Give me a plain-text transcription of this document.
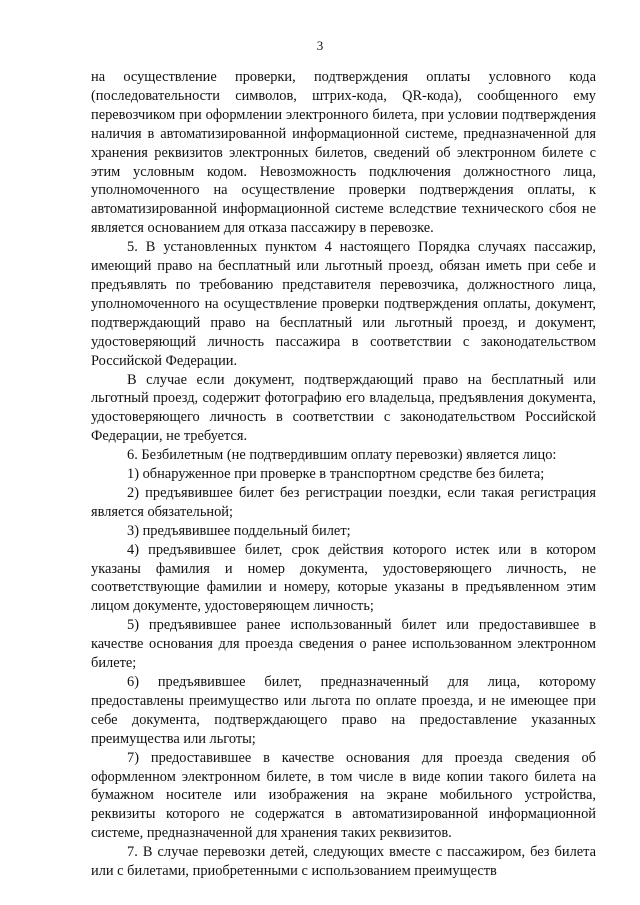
3

на осуществление проверки, подтверждения оплаты условного кода (последовательности символов, штрих-кода, QR-кода), сообщенного ему перевозчиком при оформлении электронного билета, при условии подтверждения наличия в автоматизированной информационной системе, предназначенной для хранения реквизитов электронных билетов, сведений об электронном билете с этим условным кодом. Невозможность подключения должностного лица, уполномоченного на осуществление проверки подтверждения оплаты, к автоматизированной информационной системе вследствие технического сбоя не является основанием для отказа пассажиру в перевозке.

5. В установленных пунктом 4 настоящего Порядка случаях пассажир, имеющий право на бесплатный или льготный проезд, обязан иметь при себе и предъявлять по требованию представителя перевозчика, должностного лица, уполномоченного на осуществление проверки подтверждения оплаты, документ, подтверждающий право на бесплатный или льготный проезд, и документ, удостоверяющий личность пассажира в соответствии с законодательством Российской Федерации.

В случае если документ, подтверждающий право на бесплатный или льготный проезд, содержит фотографию его владельца, предъявления документа, удостоверяющего личность в соответствии с законодательством Российской Федерации, не требуется.

6. Безбилетным (не подтвердившим оплату перевозки) является лицо:

1) обнаруженное при проверке в транспортном средстве без билета;

2) предъявившее билет без регистрации поездки, если такая регистрация является обязательной;

3) предъявившее поддельный билет;

4) предъявившее билет, срок действия которого истек или в котором указаны фамилия и номер документа, удостоверяющего личность, не соответствующие фамилии и номеру, которые указаны в предъявленном этим лицом документе, удостоверяющем личность;

5) предъявившее ранее использованный билет или предоставившее в качестве основания для проезда сведения о ранее использованном электронном билете;

6) предъявившее билет, предназначенный для лица, которому предоставлены преимущество или льгота по оплате проезда, и не имеющее при себе документа, подтверждающего право на предоставление указанных преимущества или льготы;

7) предоставившее в качестве основания для проезда сведения об оформленном электронном билете, в том числе в виде копии такого билета на бумажном носителе или изображения на экране мобильного устройства, реквизиты которого не содержатся в автоматизированной информационной системе, предназначенной для хранения таких реквизитов.

7. В случае перевозки детей, следующих вместе с пассажиром, без билета или с билетами, приобретенными с использованием преимуществ
